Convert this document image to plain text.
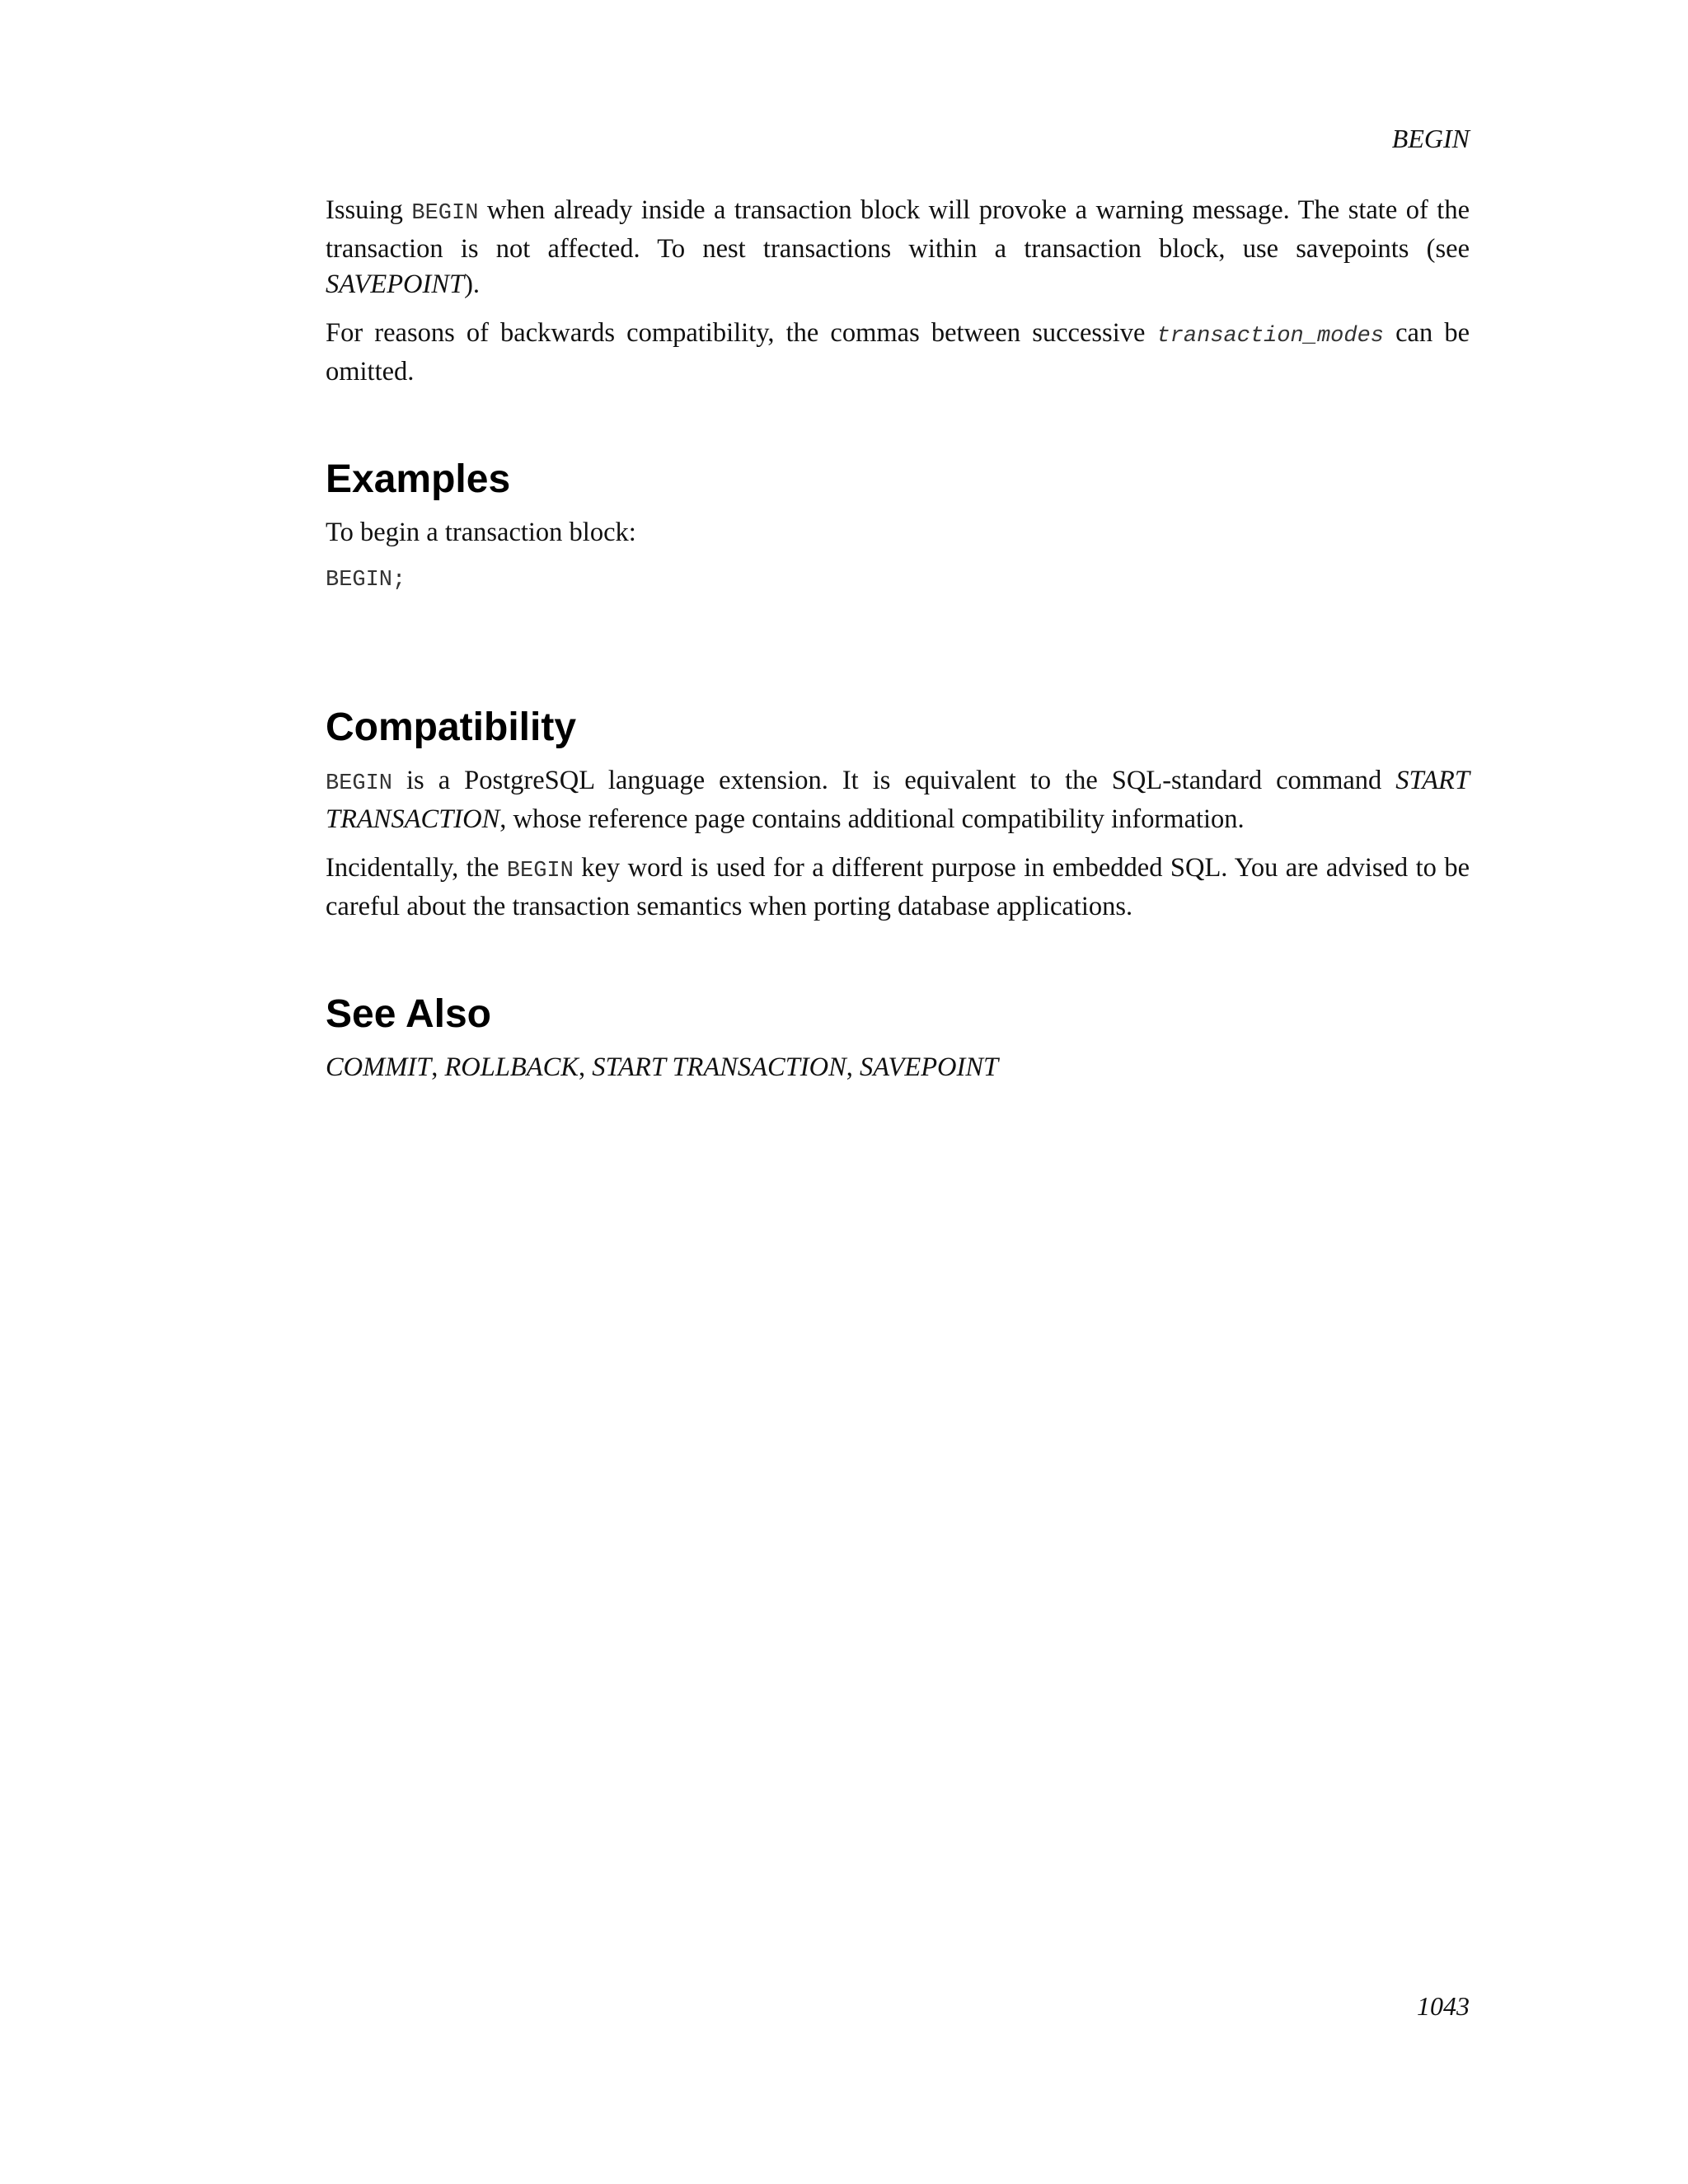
BEGIN

Issuing BEGIN when already inside a transaction block will provoke a warning message. The state of the transaction is not affected. To nest transactions within a transaction block, use savepoints (see SAVEPOINT).

For reasons of backwards compatibility, the commas between successive transaction_modes can be omitted.

Examples

To begin a transaction block:

BEGIN;
Compatibility

BEGIN is a PostgreSQL language extension. It is equivalent to the SQL-standard command START TRANSACTION, whose reference page contains additional compatibility information.

Incidentally, the BEGIN key word is used for a different purpose in embedded SQL. You are advised to be careful about the transaction semantics when porting database applications.

See Also

COMMIT, ROLLBACK, START TRANSACTION, SAVEPOINT

1043
